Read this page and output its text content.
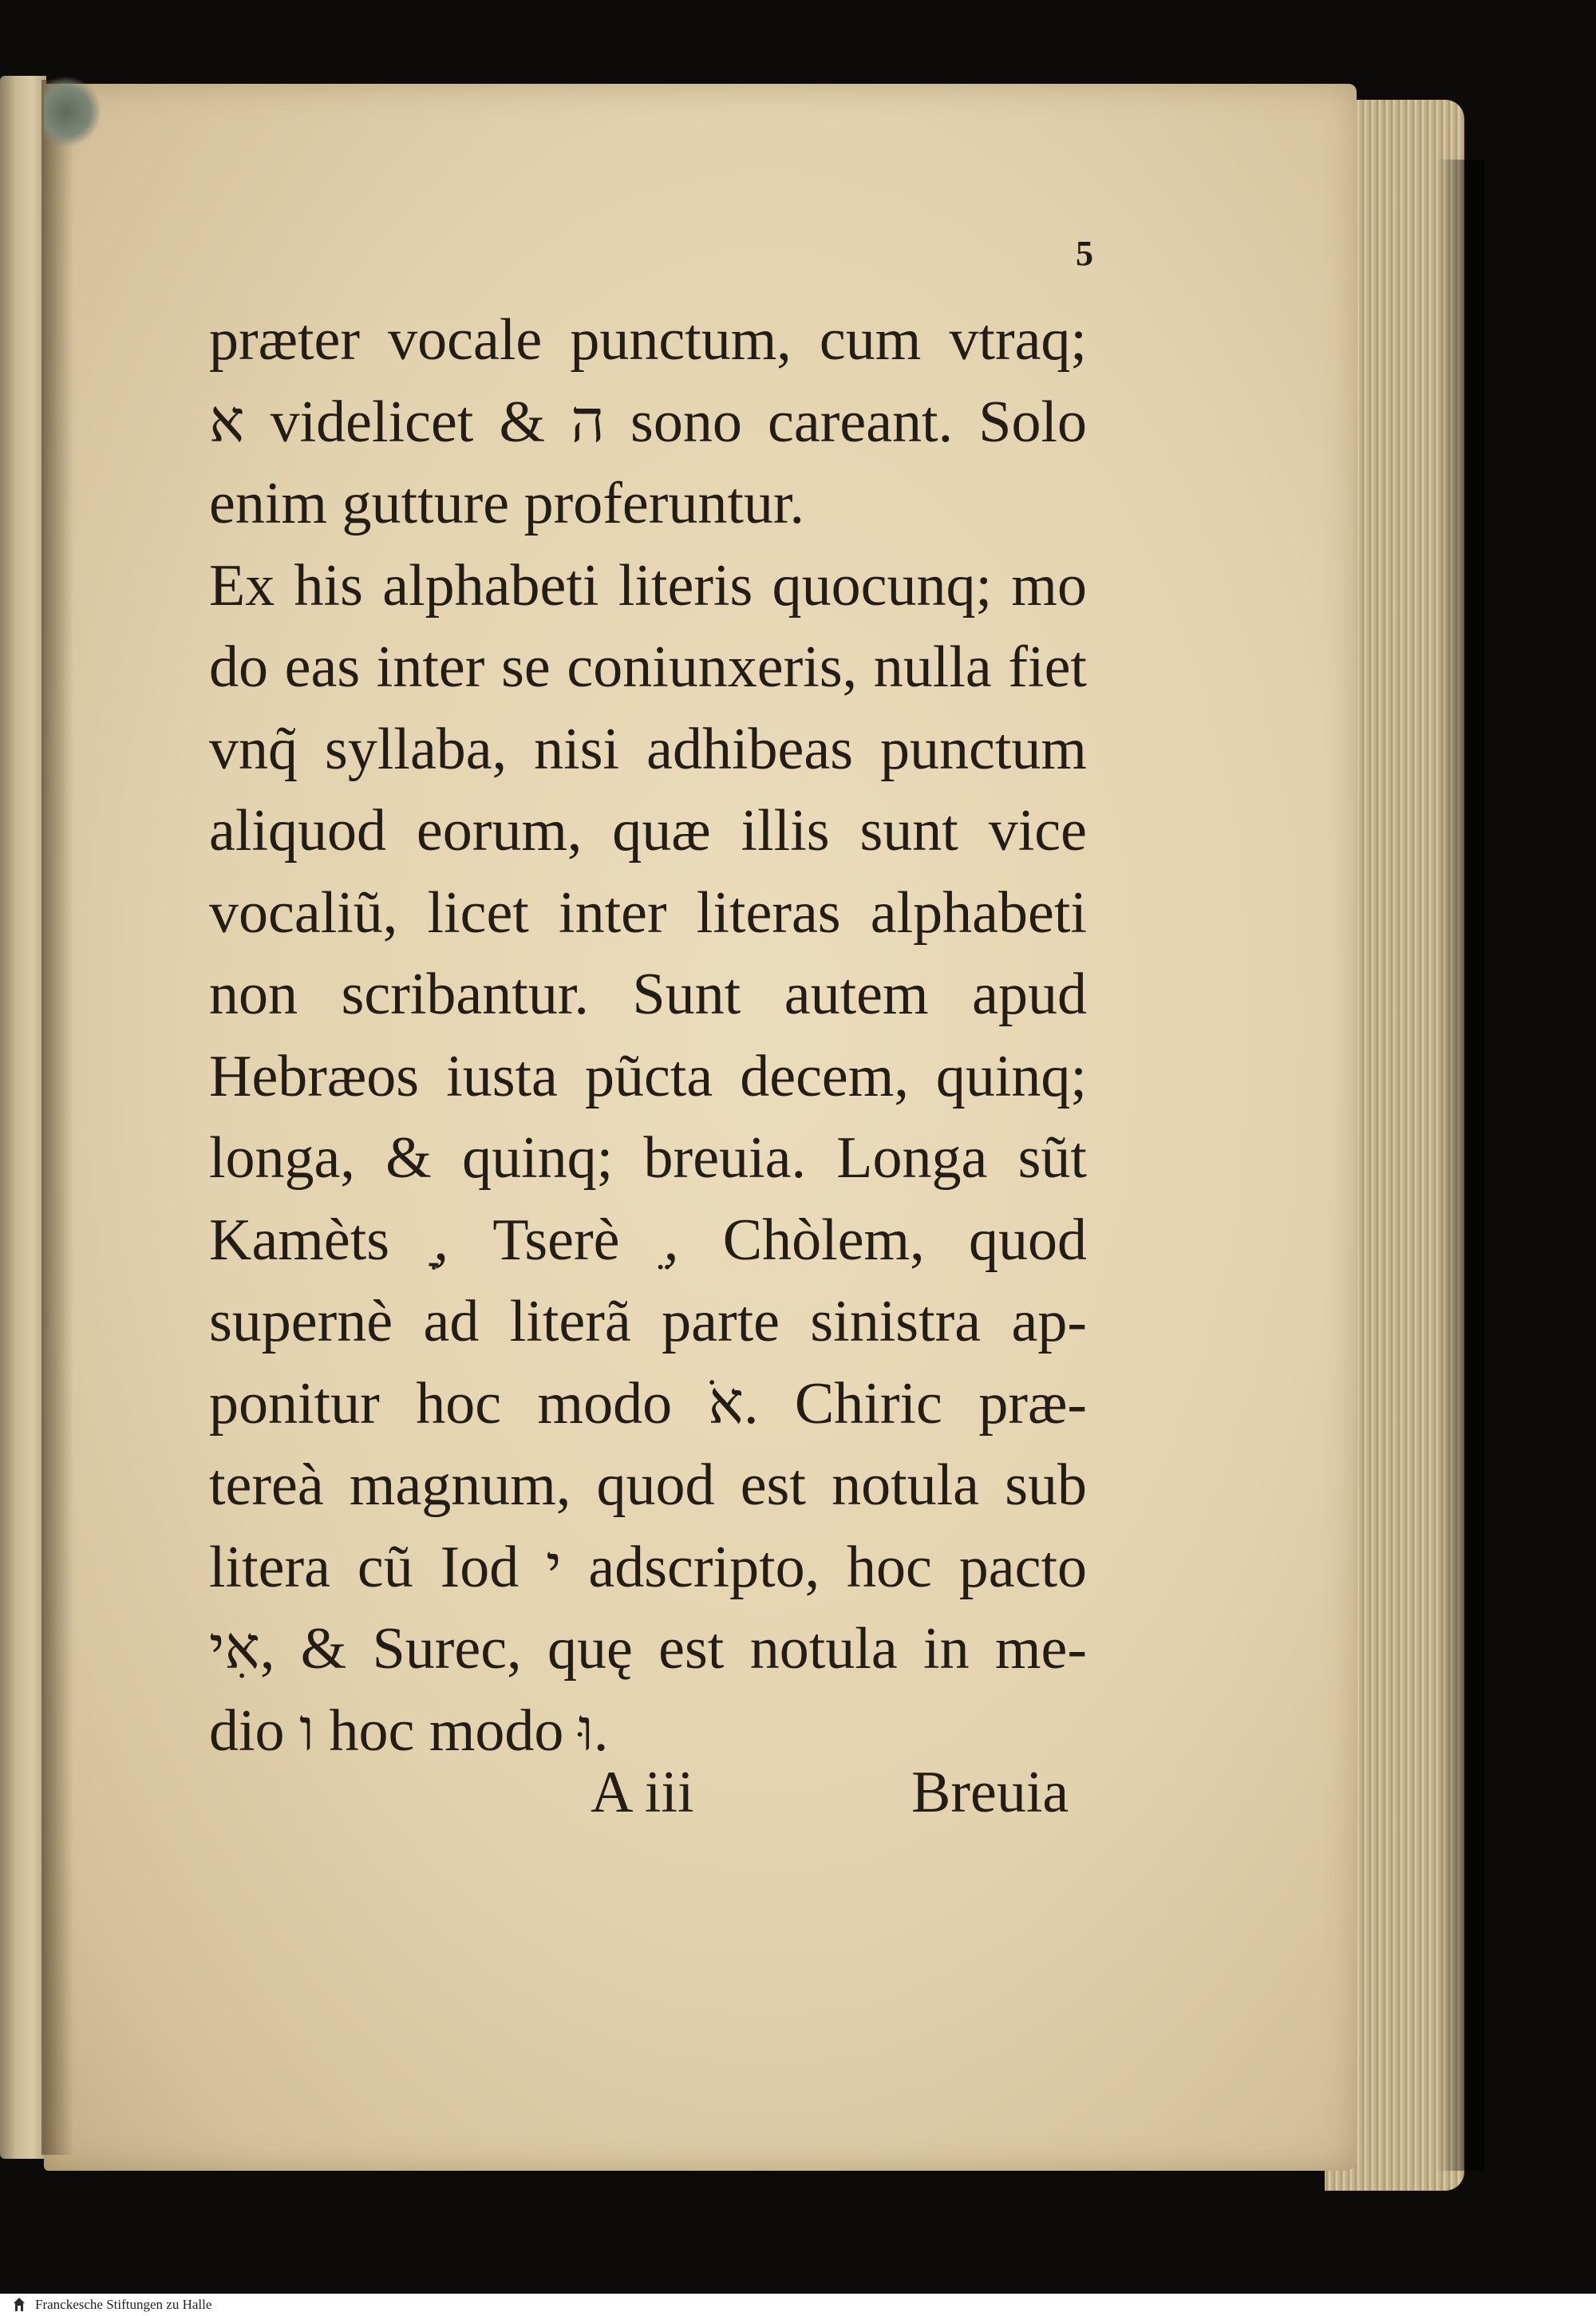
5
præter vocale punctum, cum vtraq;
א videlicet & ה sono careant. Solo
enim gutture proferuntur.
Ex his alphabeti literis quocunq; mo
do eas inter se coniunxeris, nulla fiet
vnq̃ syllaba, nisi adhibeas punctum
aliquod eorum, quæ illis sunt vice
vocaliũ, licet inter literas alphabeti
non scribantur. Sunt autem apud
Hebræos iusta pũcta decem, quinq;
longa, & quinq; breuia. Longa sũt
Kamèts ָ, Tserè ֵ, Chòlem, quod
supernè ad literã parte sinistra ap-
ponitur hoc modo אֹ. Chiric præ-
tereà magnum, quod est notula sub
litera cũ Iod י adscripto, hoc pacto
אִי, & Surec, quę est notula in me-
dio ו hoc modo וּ.
A iii	Breuia
Franckesche Stiftungen zu Halle
